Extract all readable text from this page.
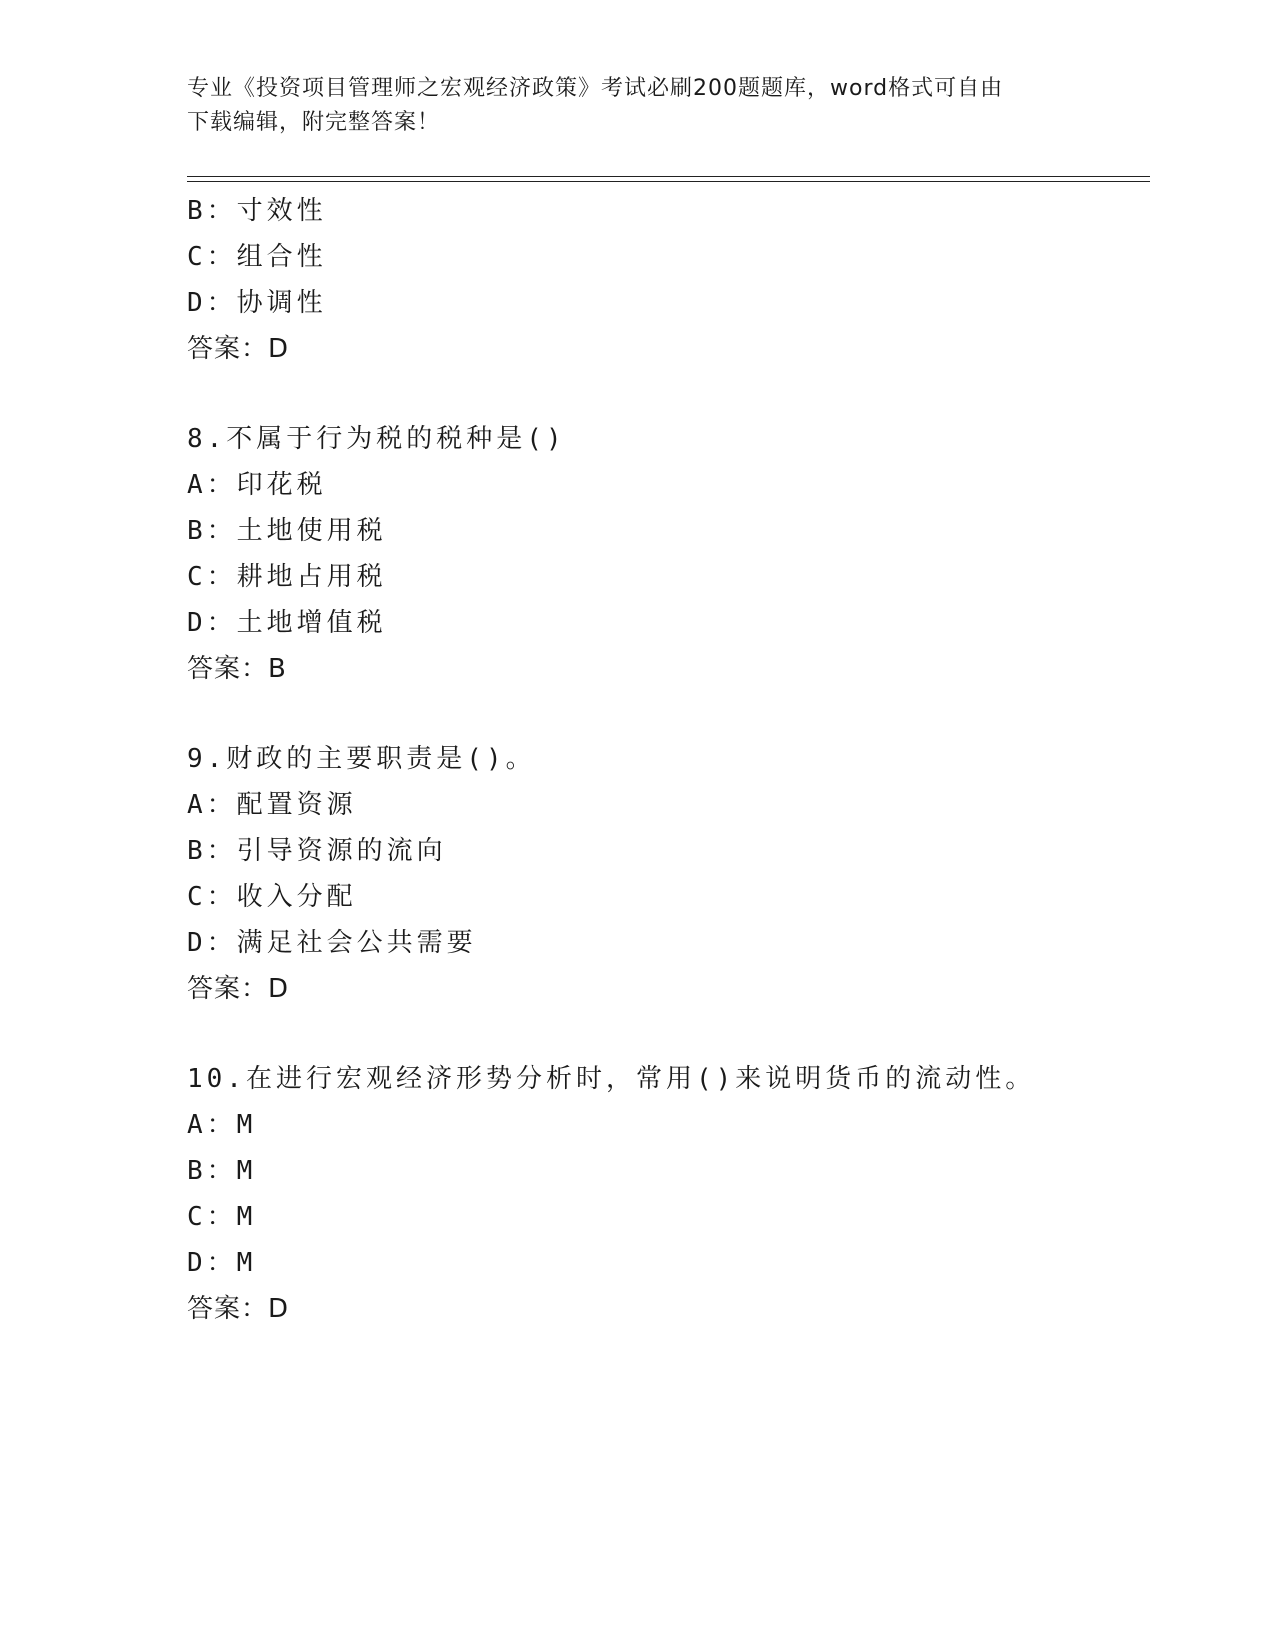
专业《投资项目管理师之宏观经济政策》考试必刷200题题库，word格式可自由
下载编辑，附完整答案！
B：寸效性
C：组合性
D：协调性
答案：D
8.不属于行为税的税种是()
A：印花税
B：土地使用税
C：耕地占用税
D：土地增值税
答案：B
9.财政的主要职责是()。
A：配置资源
B：引导资源的流向
C：收入分配
D：满足社会公共需要
答案：D
10.在进行宏观经济形势分析时，常用()来说明货币的流动性。
A：M
B：M
C：M
D：M
答案：D
